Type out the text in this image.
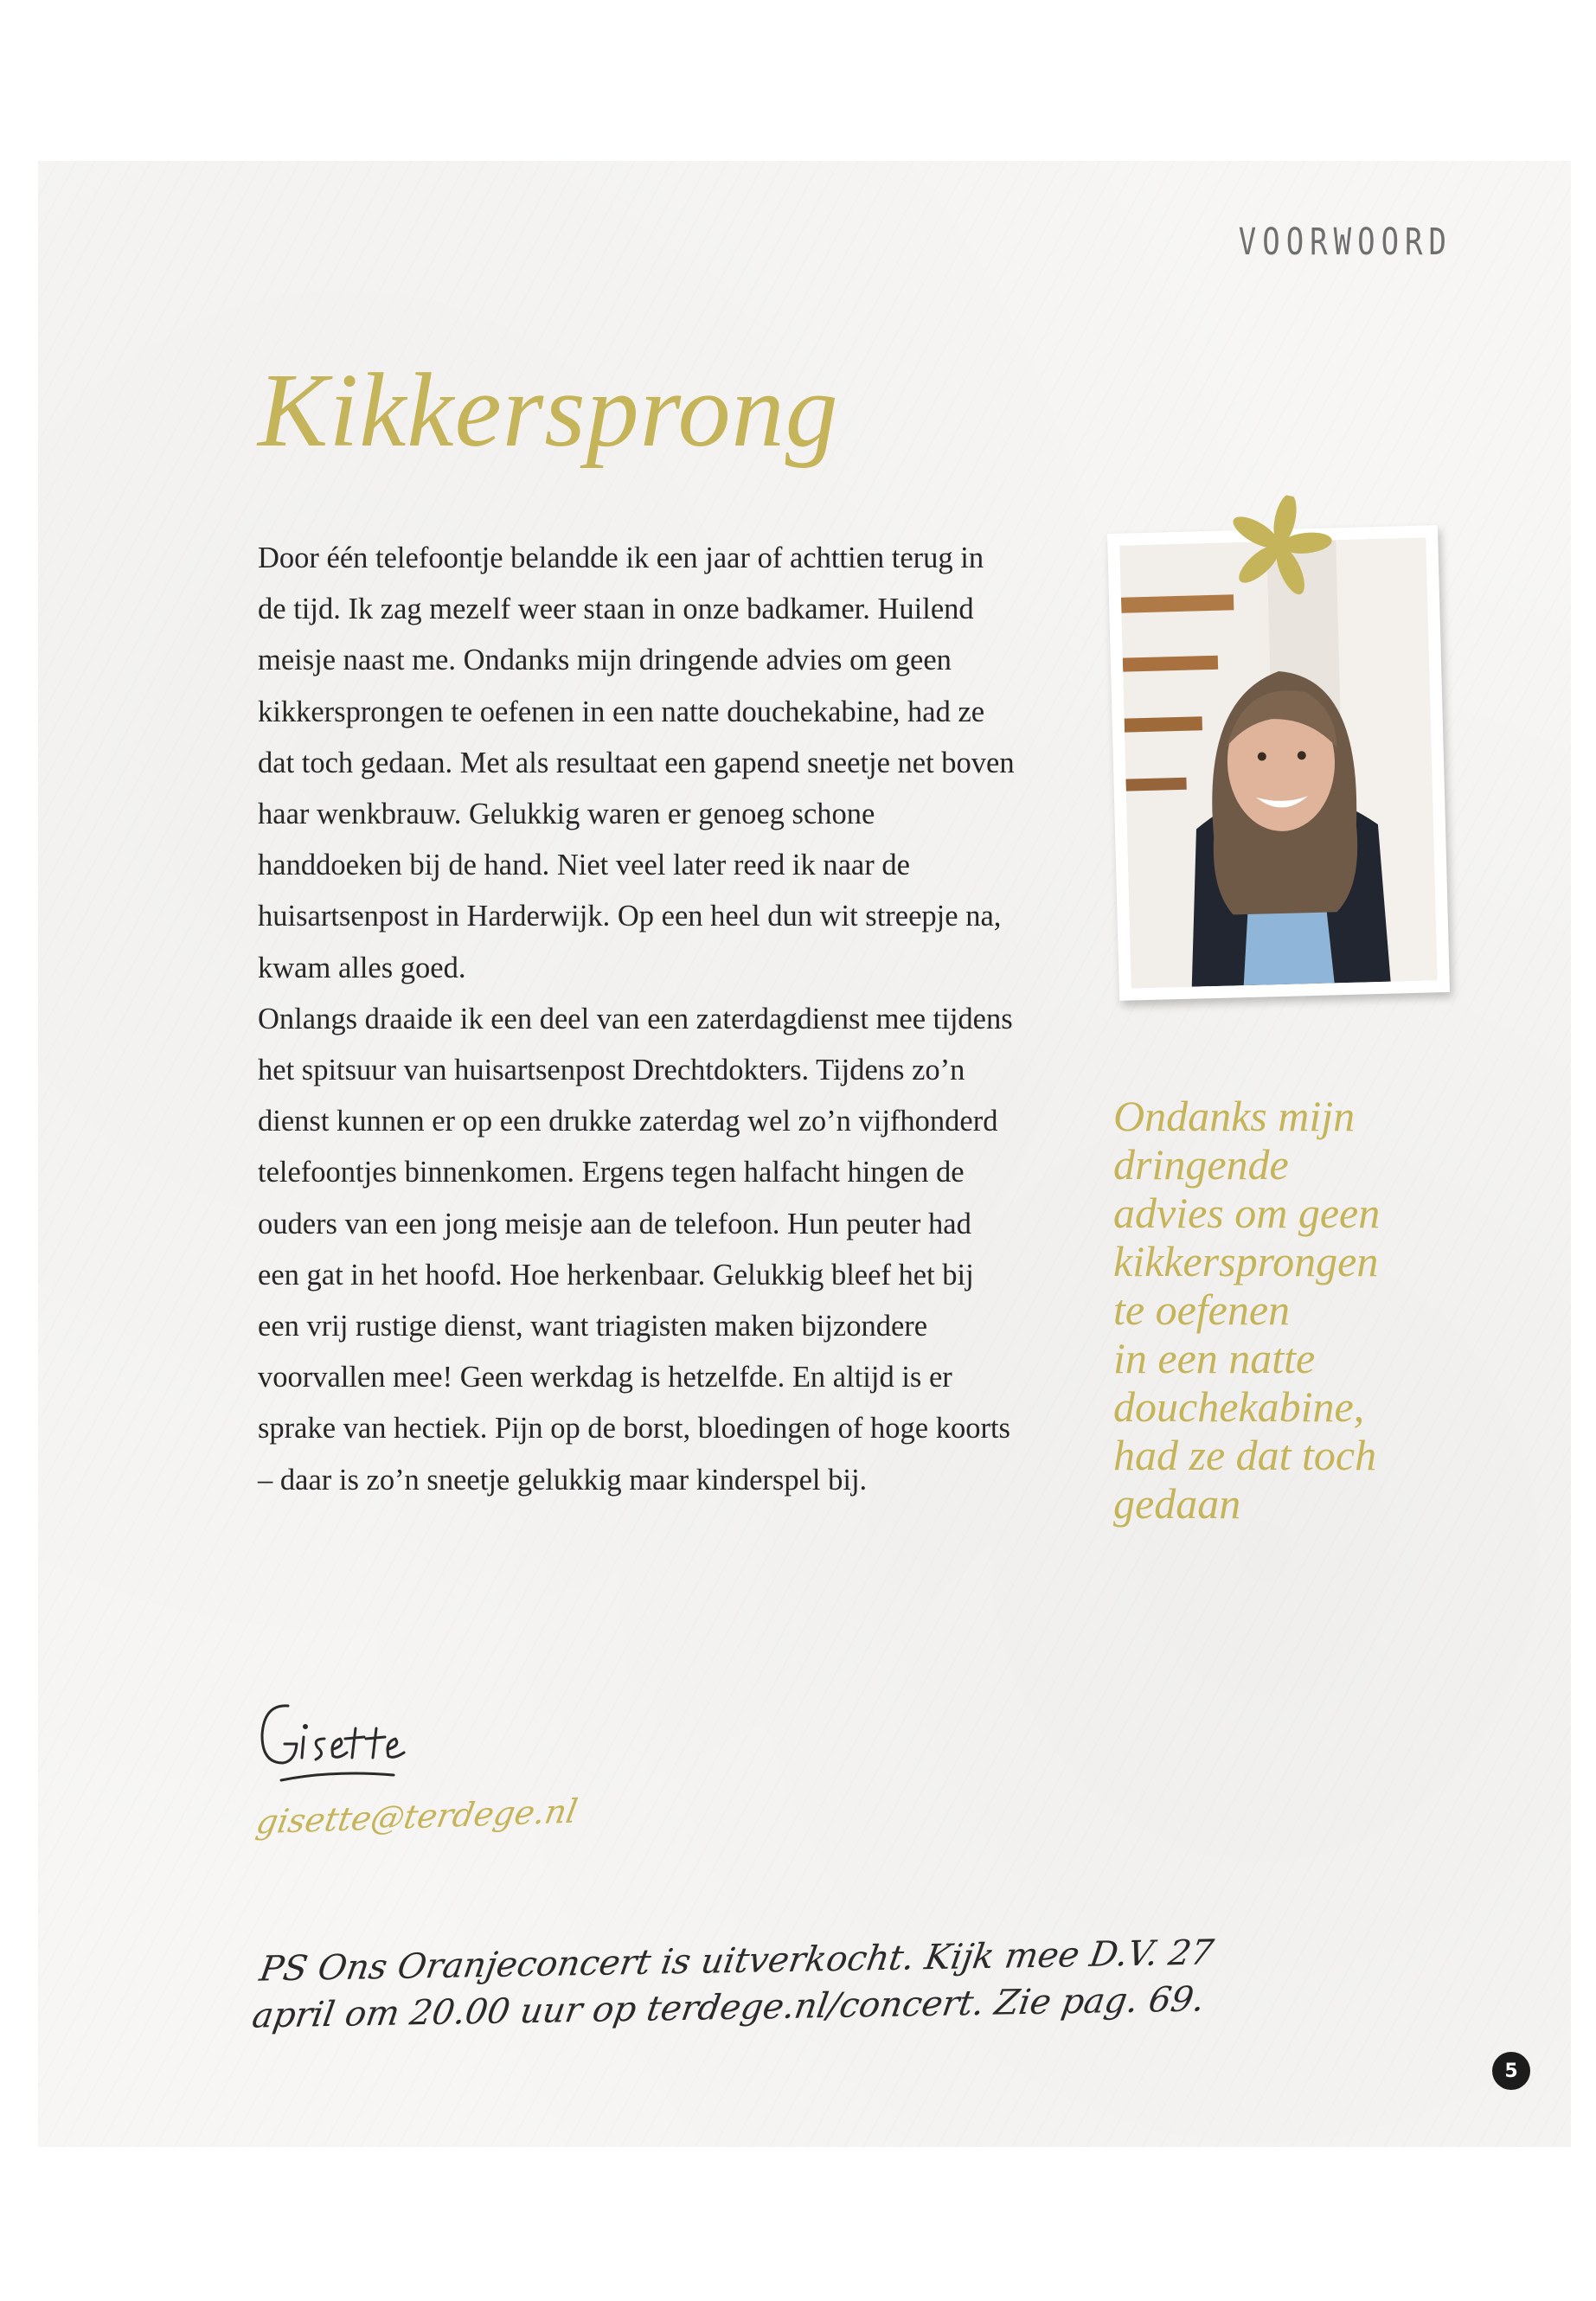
VOORWOORD
Kikkersprong

Door één telefoontje belandde ik een jaar of achttien terug in de tijd. Ik zag mezelf weer staan in onze badkamer. Huilend meisje naast me. Ondanks mijn dringende advies om geen kikkersprongen te oefenen in een natte douchekabine, had ze dat toch gedaan. Met als resultaat een gapend sneetje net boven haar wenkbrauw. Gelukkig waren er genoeg schone handdoeken bij de hand. Niet veel later reed ik naar de huisartsenpost in Harderwijk. Op een heel dun wit streepje na, kwam alles goed.

Onlangs draaide ik een deel van een zaterdagdienst mee tijdens het spitsuur van huisartsenpost Drechtdokters. Tijdens zo’n dienst kunnen er op een drukke zaterdag wel zo’n vijfhonderd telefoontjes binnenkomen. Ergens tegen halfacht hingen de ouders van een jong meisje aan de telefoon. Hun peuter had een gat in het hoofd. Hoe herkenbaar. Gelukkig bleef het bij een vrij rustige dienst, want triagisten maken bijzondere voorvallen mee! Geen werkdag is hetzelfde. En altijd is er sprake van hectiek. Pijn op de borst, bloedingen of hoge koorts – daar is zo’n sneetje gelukkig maar kinderspel bij.

Ondanks mijn
dringende
advies om geen
kikkersprongen
te oefenen
in een natte
douchekabine,
had ze dat toch
gedaan

gisette@terdege.nl

PS Ons Oranjeconcert is uitverkocht. Kijk mee D.V. 27 april om 20.00 uur op terdege.nl/concert. Zie pag. 69.

5
